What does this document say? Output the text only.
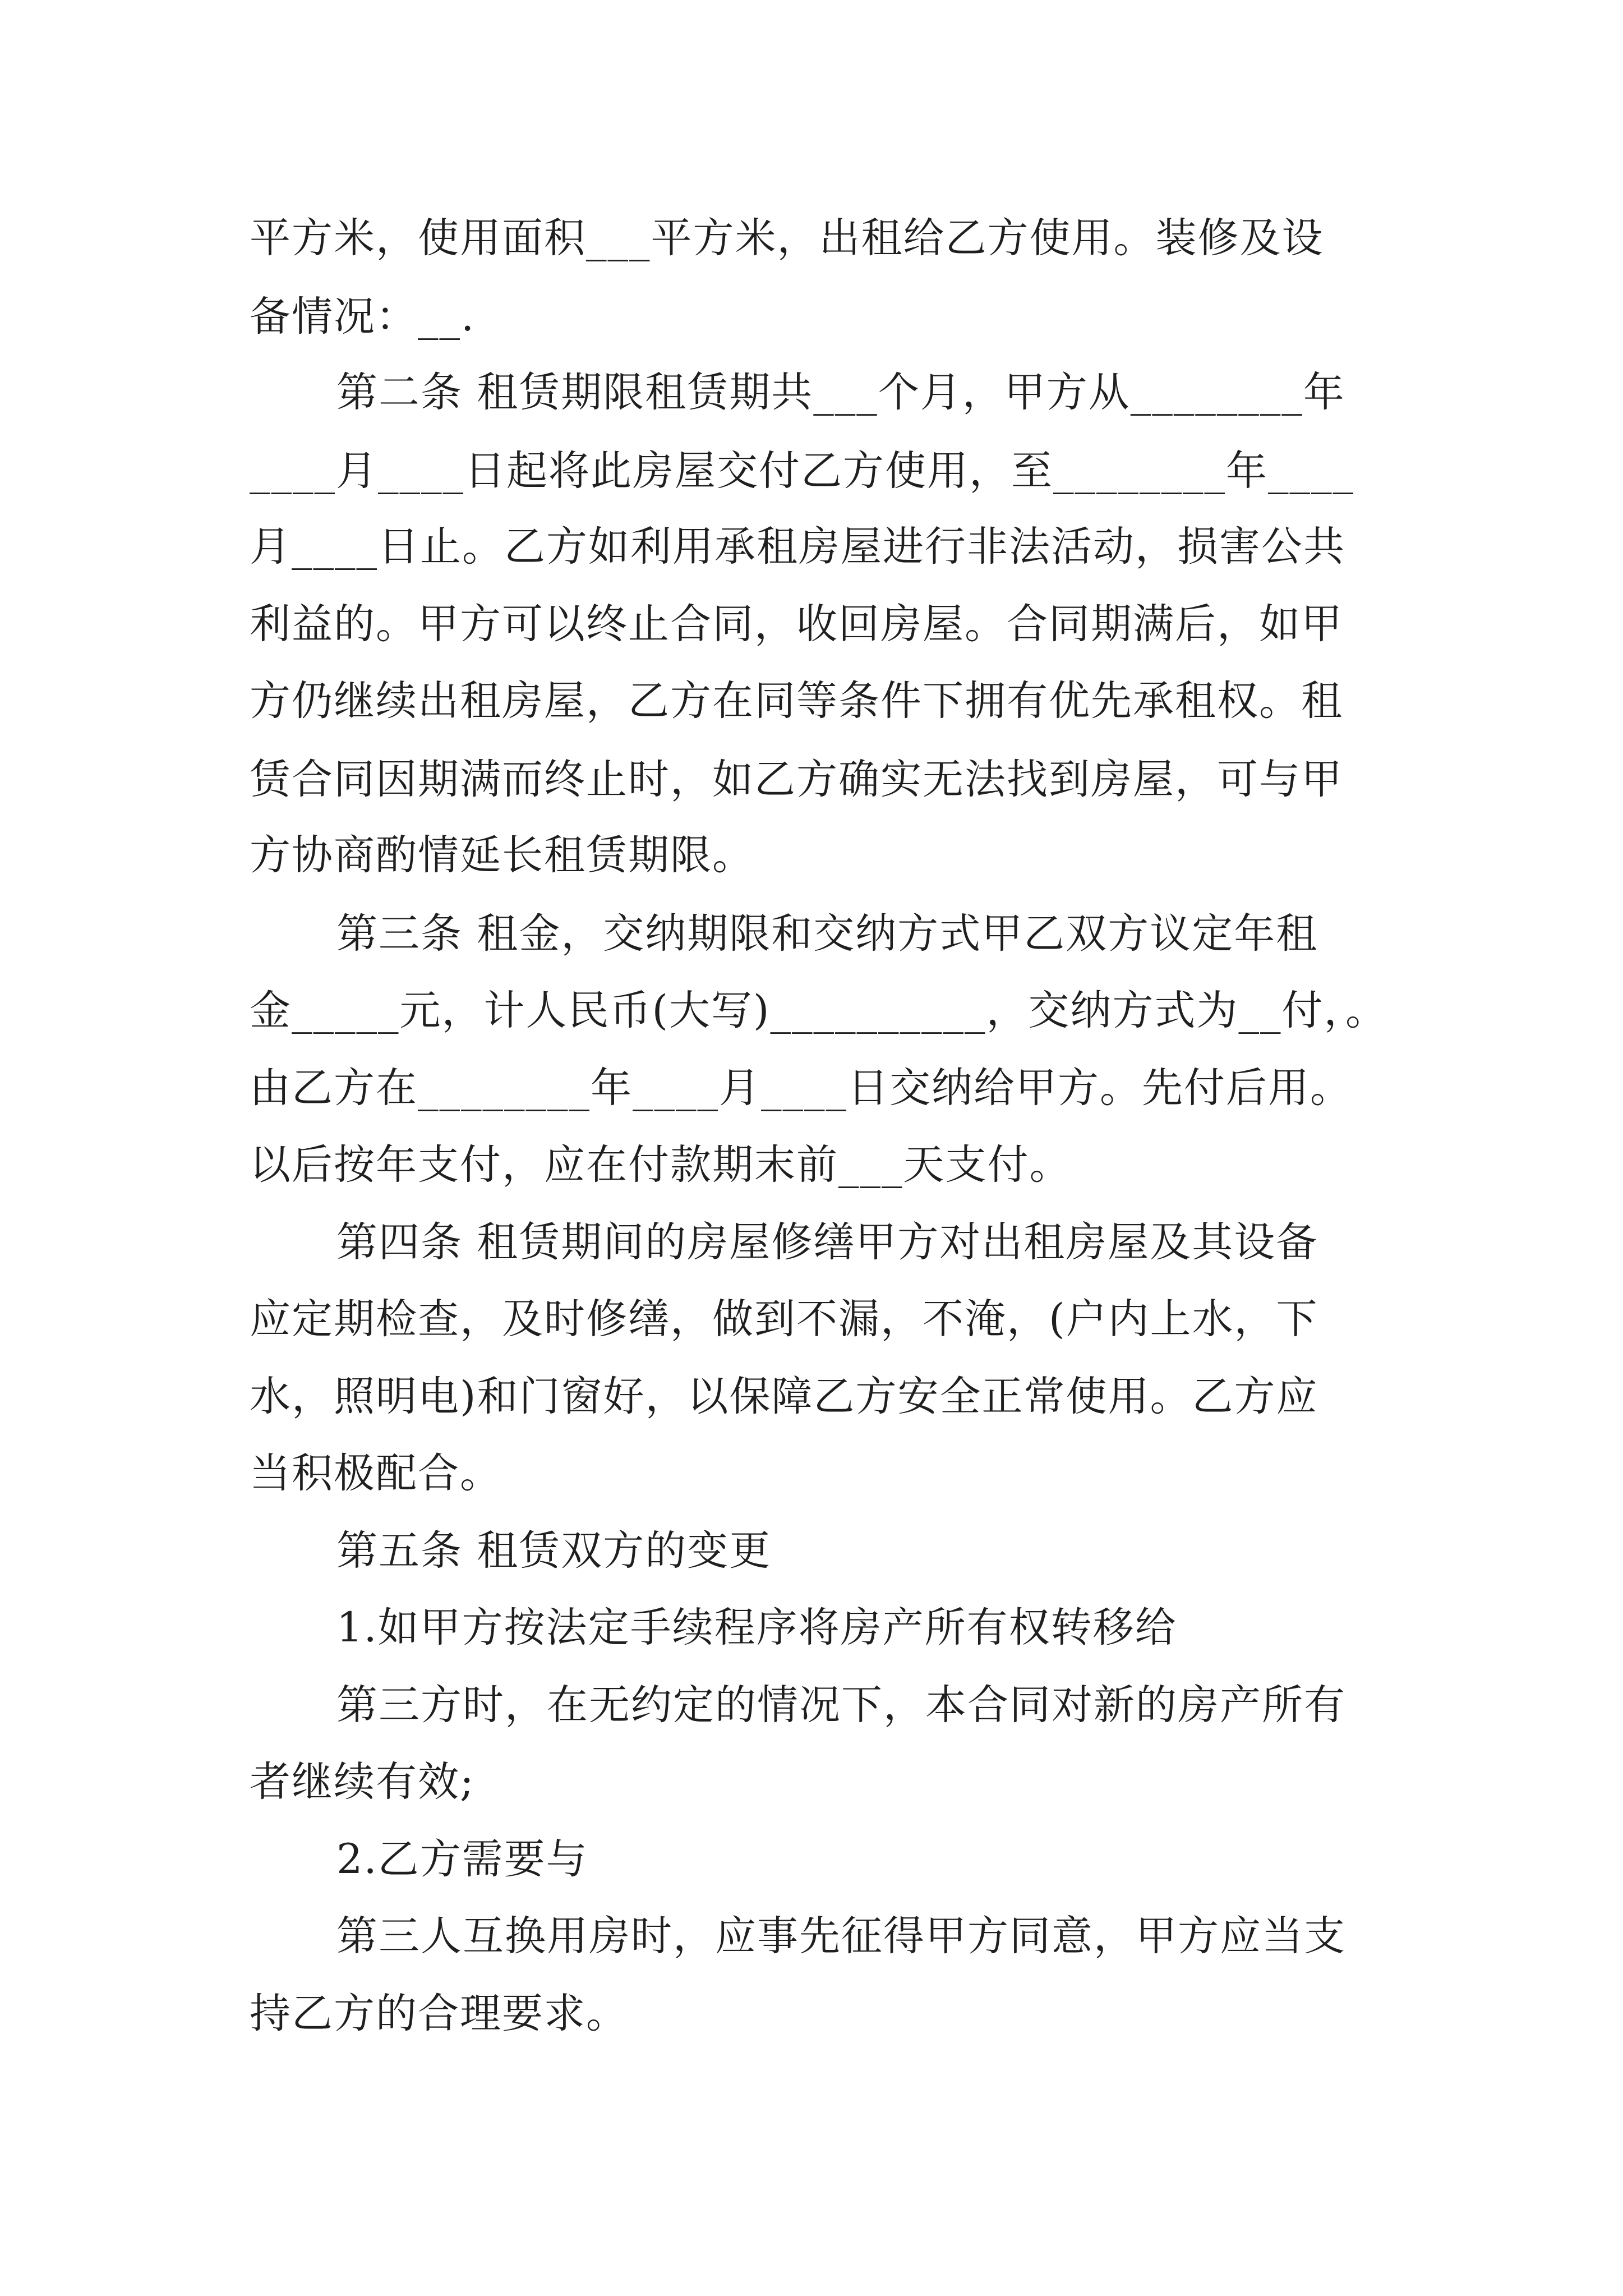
平方米，使用面积___平方米，出租给乙方使用。装修及设

备情况：__.

第二条 租赁期限租赁期共___个月，甲方从________年

____月____日起将此房屋交付乙方使用，至________年____

月____日止。乙方如利用承租房屋进行非法活动，损害公共

利益的。甲方可以终止合同，收回房屋。合同期满后，如甲

方仍继续出租房屋，乙方在同等条件下拥有优先承租权。租

赁合同因期满而终止时，如乙方确实无法找到房屋，可与甲

方协商酌情延长租赁期限。

第三条 租金，交纳期限和交纳方式甲乙双方议定年租

金_____元，计人民币(大写)__________，交纳方式为__付，。

由乙方在________年____月____日交纳给甲方。先付后用。

以后按年支付，应在付款期末前___天支付。

第四条 租赁期间的房屋修缮甲方对出租房屋及其设备

应定期检查，及时修缮，做到不漏，不淹，(户内上水，下

水，照明电)和门窗好，以保障乙方安全正常使用。乙方应

当积极配合。

第五条 租赁双方的变更

1.如甲方按法定手续程序将房产所有权转移给

第三方时，在无约定的情况下，本合同对新的房产所有

者继续有效;

2.乙方需要与

第三人互换用房时，应事先征得甲方同意，甲方应当支

持乙方的合理要求。
